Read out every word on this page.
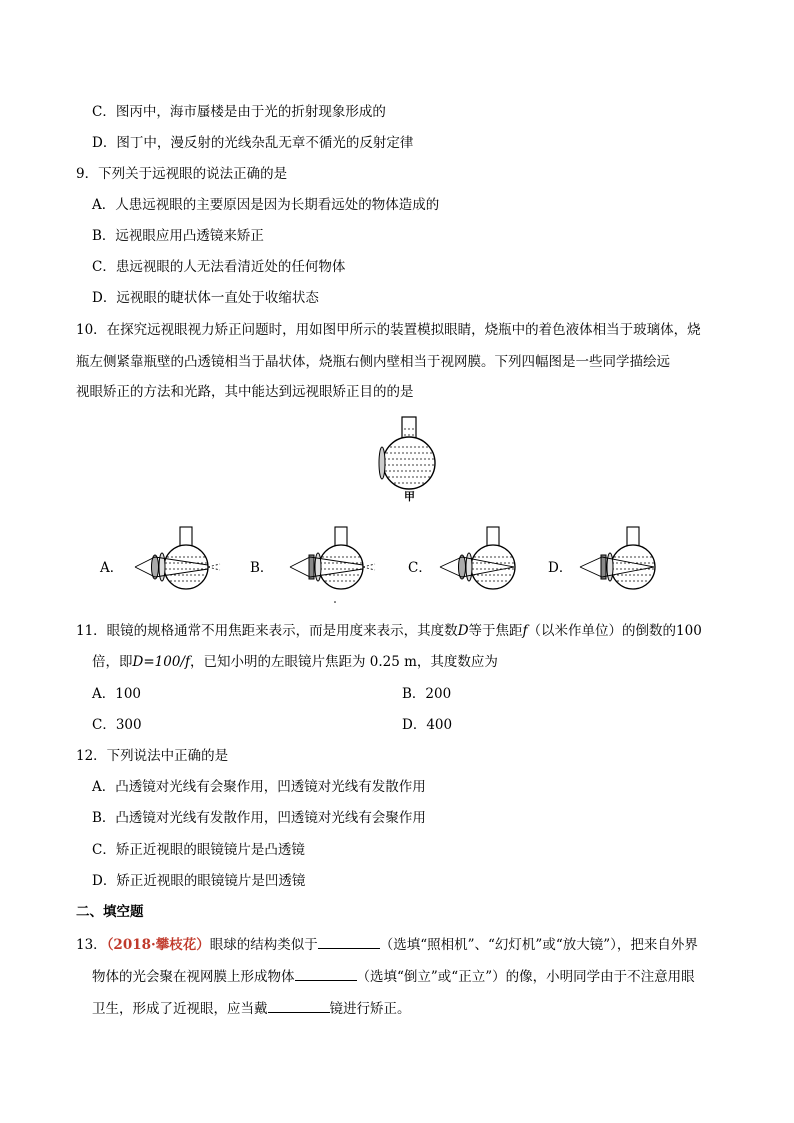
C．图丙中，海市蜃楼是由于光的折射现象形成的
D．图丁中，漫反射的光线杂乱无章不循光的反射定律
9．下列关于远视眼的说法正确的是
A．人患远视眼的主要原因是因为长期看远处的物体造成的
B．远视眼应用凸透镜来矫正
C．患远视眼的人无法看清近处的任何物体
D．远视眼的睫状体一直处于收缩状态
10．在探究远视眼视力矫正问题时，用如图甲所示的装置模拟眼睛，烧瓶中的着色液体相当于玻璃体，烧
瓶左侧紧靠瓶壁的凸透镜相当于晶状体，烧瓶右侧内壁相当于视网膜。下列四幅图是一些同学描绘远
视眼矫正的方法和光路，其中能达到远视眼矫正目的的是
甲
A．	B．	C．	D．
11．眼镜的规格通常不用焦距来表示，而是用度来表示，其度数D等于焦距f（以米作单位）的倒数的100
倍，即D=100/f，已知小明的左眼镜片焦距为 0.25 m，其度数应为
A．100	B．200
C．300	D．400
12．下列说法中正确的是
A．凸透镜对光线有会聚作用，凹透镜对光线有发散作用
B．凸透镜对光线有发散作用，凹透镜对光线有会聚作用
C．矫正近视眼的眼镜镜片是凸透镜
D．矫正近视眼的眼镜镜片是凹透镜
二、填空题
13．（2018·攀枝花）眼球的结构类似于	（选填“照相机”、“幻灯机”或“放大镜”），把来自外界
物体的光会聚在视网膜上形成物体	（选填“倒立”或“正立”）的像，小明同学由于不注意用眼
卫生，形成了近视眼，应当戴	镜进行矫正。
